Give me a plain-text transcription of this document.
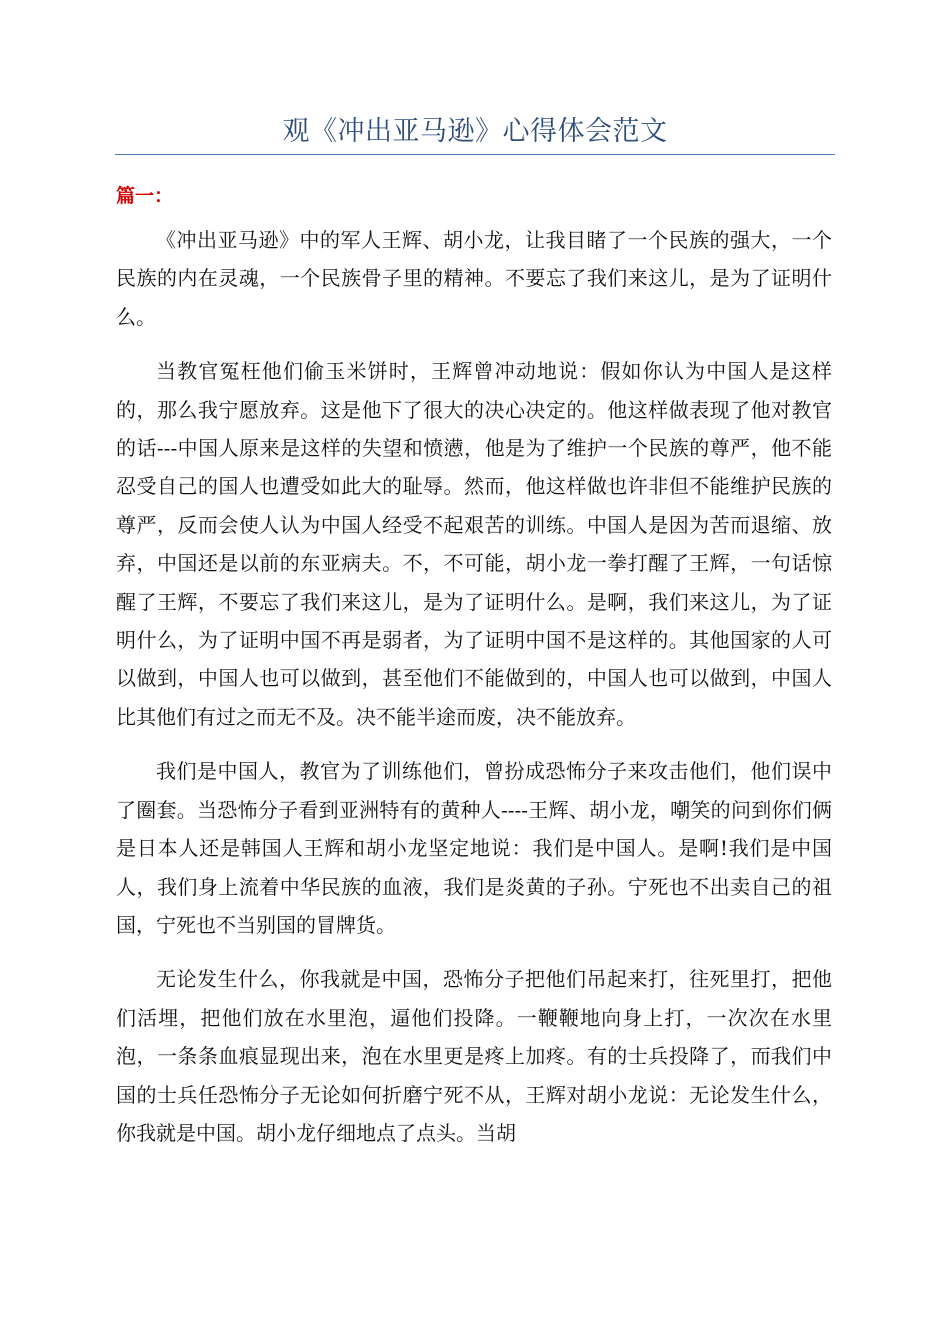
观《冲出亚马逊》心得体会范文
篇一：

《冲出亚马逊》中的军人王辉、胡小龙，让我目睹了一个民族的强大，一个民族的内在灵魂，一个民族骨子里的精神。不要忘了我们来这儿，是为了证明什么。

当教官冤枉他们偷玉米饼时，王辉曾冲动地说：假如你认为中国人是这样的，那么我宁愿放弃。这是他下了很大的决心决定的。他这样做表现了他对教官的话---中国人原来是这样的失望和愤懑，他是为了维护一个民族的尊严，他不能忍受自己的国人也遭受如此大的耻辱。然而，他这样做也许非但不能维护民族的尊严，反而会使人认为中国人经受不起艰苦的训练。中国人是因为苦而退缩、放弃，中国还是以前的东亚病夫。不，不可能，胡小龙一拳打醒了王辉，一句话惊醒了王辉，不要忘了我们来这儿，是为了证明什么。是啊，我们来这儿，为了证明什么，为了证明中国不再是弱者，为了证明中国不是这样的。其他国家的人可以做到，中国人也可以做到，甚至他们不能做到的，中国人也可以做到，中国人比其他们有过之而无不及。决不能半途而废，决不能放弃。

我们是中国人，教官为了训练他们，曾扮成恐怖分子来攻击他们，他们误中了圈套。当恐怖分子看到亚洲特有的黄种人----王辉、胡小龙，嘲笑的问到你们俩是日本人还是韩国人王辉和胡小龙坚定地说：我们是中国人。是啊!我们是中国人，我们身上流着中华民族的血液，我们是炎黄的子孙。宁死也不出卖自己的祖国，宁死也不当别国的冒牌货。

无论发生什么，你我就是中国，恐怖分子把他们吊起来打，往死里打，把他们活埋，把他们放在水里泡，逼他们投降。一鞭鞭地向身上打，一次次在水里泡，一条条血痕显现出来，泡在水里更是疼上加疼。有的士兵投降了，而我们中国的士兵任恐怖分子无论如何折磨宁死不从，王辉对胡小龙说：无论发生什么，你我就是中国。胡小龙仔细地点了点头。当胡
